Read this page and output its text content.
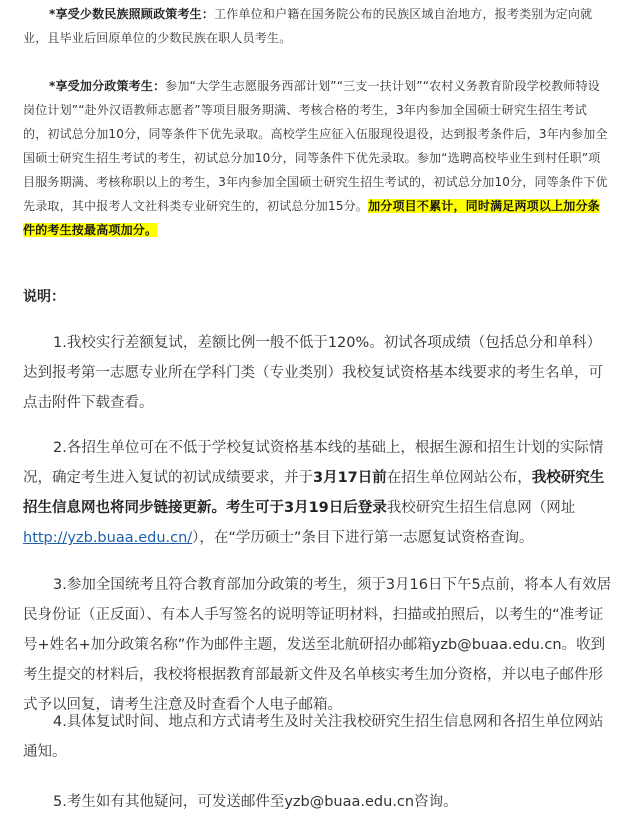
*享受少数民族照顾政策考生：工作单位和户籍在国务院公布的民族区域自治地方，报考类别为定向就业，且毕业后回原单位的少数民族在职人员考生。

*享受加分政策考生：参加“大学生志愿服务西部计划”“三支一扶计划”“农村义务教育阶段学校教师特设岗位计划”“赴外汉语教师志愿者”等项目服务期满、考核合格的考生，3年内参加全国硕士研究生招生考试的，初试总分加10分，同等条件下优先录取。高校学生应征入伍服现役退役，达到报考条件后，3年内参加全国硕士研究生招生考试的考生，初试总分加10分，同等条件下优先录取。参加“选聘高校毕业生到村任职”项目服务期满、考核称职以上的考生，3年内参加全国硕士研究生招生考试的，初试总分加10分，同等条件下优先录取，其中报考人文社科类专业研究生的，初试总分加15分。加分项目不累计，同时满足两项以上加分条件的考生按最高项加分。

说明：

1.我校实行差额复试，差额比例一般不低于120%。初试各项成绩（包括总分和单科）达到报考第一志愿专业所在学科门类（专业类别）我校复试资格基本线要求的考生名单，可点击附件下载查看。

2.各招生单位可在不低于学校复试资格基本线的基础上，根据生源和招生计划的实际情况，确定考生进入复试的初试成绩要求，并于3月17日前在招生单位网站公布，我校研究生招生信息网也将同步链接更新。考生可于3月19日后登录我校研究生招生信息网（网址http://yzb.buaa.edu.cn/），在“学历硕士”条目下进行第一志愿复试资格查询。

3.参加全国统考且符合教育部加分政策的考生，须于3月16日下午5点前，将本人有效居民身份证（正反面）、有本人手写签名的说明等证明材料，扫描或拍照后，以考生的“准考证号+姓名+加分政策名称”作为邮件主题，发送至北航研招办邮箱yzb@buaa.edu.cn。收到考生提交的材料后，我校将根据教育部最新文件及名单核实考生加分资格，并以电子邮件形式予以回复，请考生注意及时查看个人电子邮箱。

4.具体复试时间、地点和方式请考生及时关注我校研究生招生信息网和各招生单位网站通知。

5.考生如有其他疑问，可发送邮件至yzb@buaa.edu.cn咨询。
